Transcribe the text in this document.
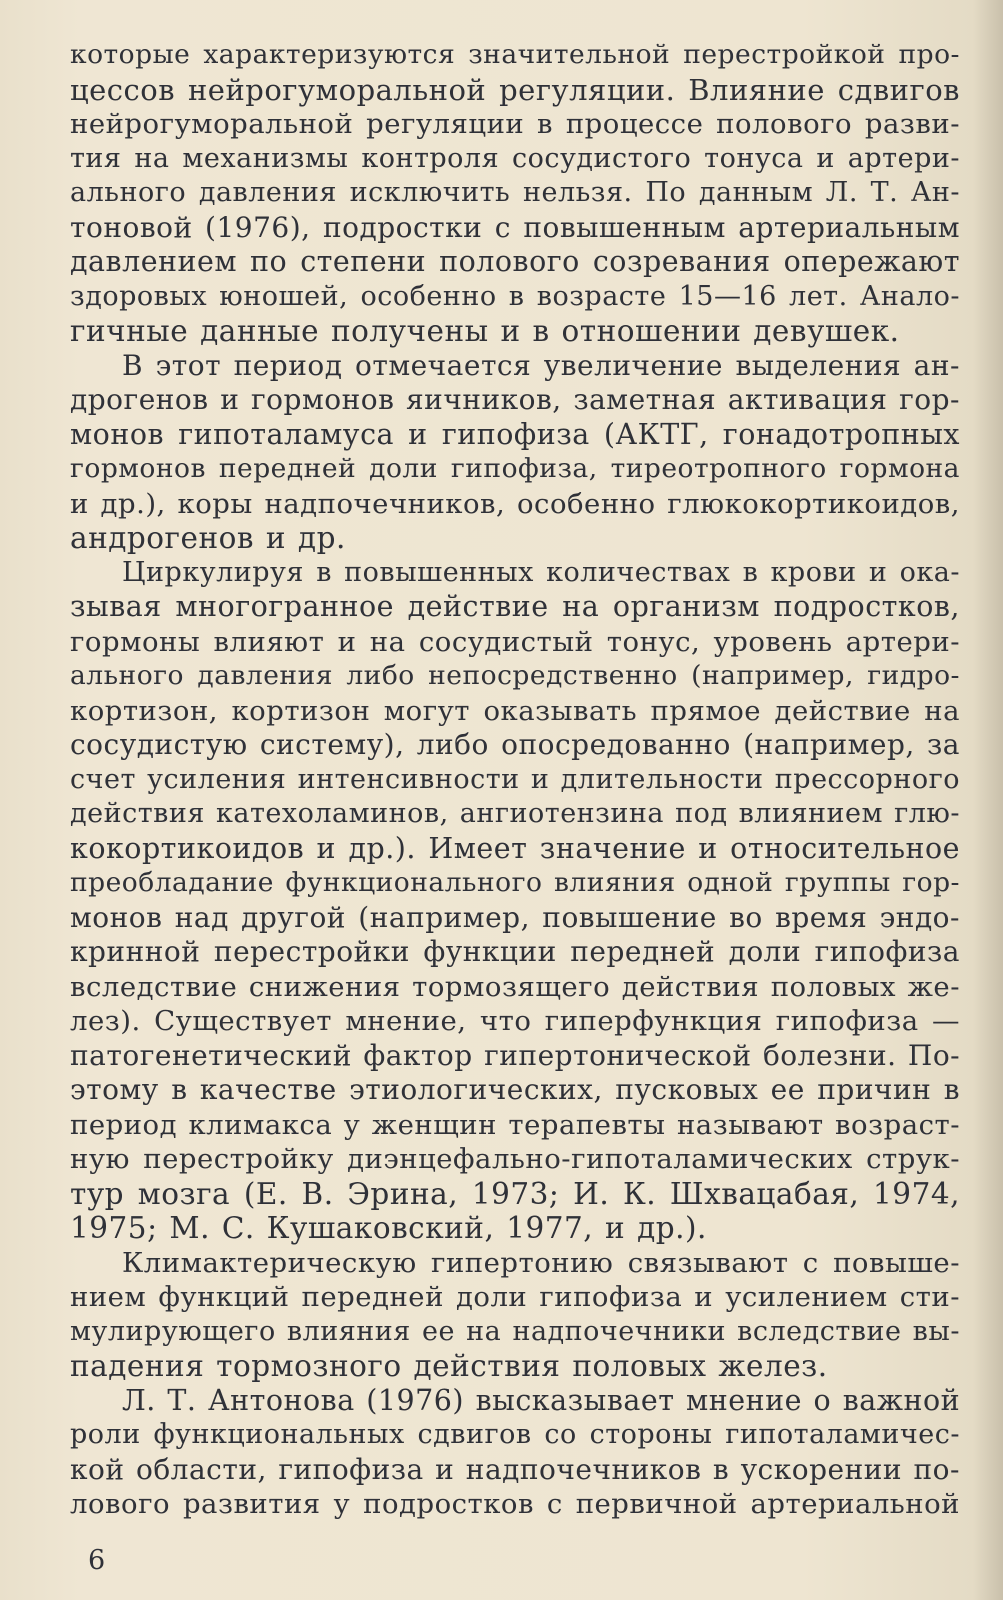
которые характеризуются значительной перестройкой про-
цессов нейрогуморальной регуляции. Влияние сдвигов
нейрогуморальной регуляции в процессе полового разви-
тия на механизмы контроля сосудистого тонуса и артери-
ального давления исключить нельзя. По данным Л. Т. Ан-
тоновой (1976), подростки с повышенным артериальным
давлением по степени полового созревания опережают
здоровых юношей, особенно в возрасте 15—16 лет. Анало-
гичные данные получены и в отношении девушек.
В этот период отмечается увеличение выделения ан-
дрогенов и гормонов яичников, заметная активация гор-
монов гипоталамуса и гипофиза (АКТГ, гонадотропных
гормонов передней доли гипофиза, тиреотропного гормона
и др.), коры надпочечников, особенно глюкокортикоидов,
андрогенов и др.
Циркулируя в повышенных количествах в крови и ока-
зывая многогранное действие на организм подростков,
гормоны влияют и на сосудистый тонус, уровень артери-
ального давления либо непосредственно (например, гидро-
кортизон, кортизон могут оказывать прямое действие на
сосудистую систему), либо опосредованно (например, за
счет усиления интенсивности и длительности прессорного
действия катехоламинов, ангиотензина под влиянием глю-
кокортикоидов и др.). Имеет значение и относительное
преобладание функционального влияния одной группы гор-
монов над другой (например, повышение во время эндо-
кринной перестройки функции передней доли гипофиза
вследствие снижения тормозящего действия половых же-
лез). Существует мнение, что гиперфункция гипофиза —
патогенетический фактор гипертонической болезни. По-
этому в качестве этиологических, пусковых ее причин в
период климакса у женщин терапевты называют возраст-
ную перестройку диэнцефально-гипоталамических струк-
тур мозга (Е. В. Эрина, 1973; И. К. Шхвацабая, 1974,
1975; М. С. Кушаковский, 1977, и др.).
Климактерическую гипертонию связывают с повыше-
нием функций передней доли гипофиза и усилением сти-
мулирующего влияния ее на надпочечники вследствие вы-
падения тормозного действия половых желез.
Л. Т. Антонова (1976) высказывает мнение о важной
роли функциональных сдвигов со стороны гипоталамичес-
кой области, гипофиза и надпочечников в ускорении по-
лового развития у подростков с первичной артериальной
6
